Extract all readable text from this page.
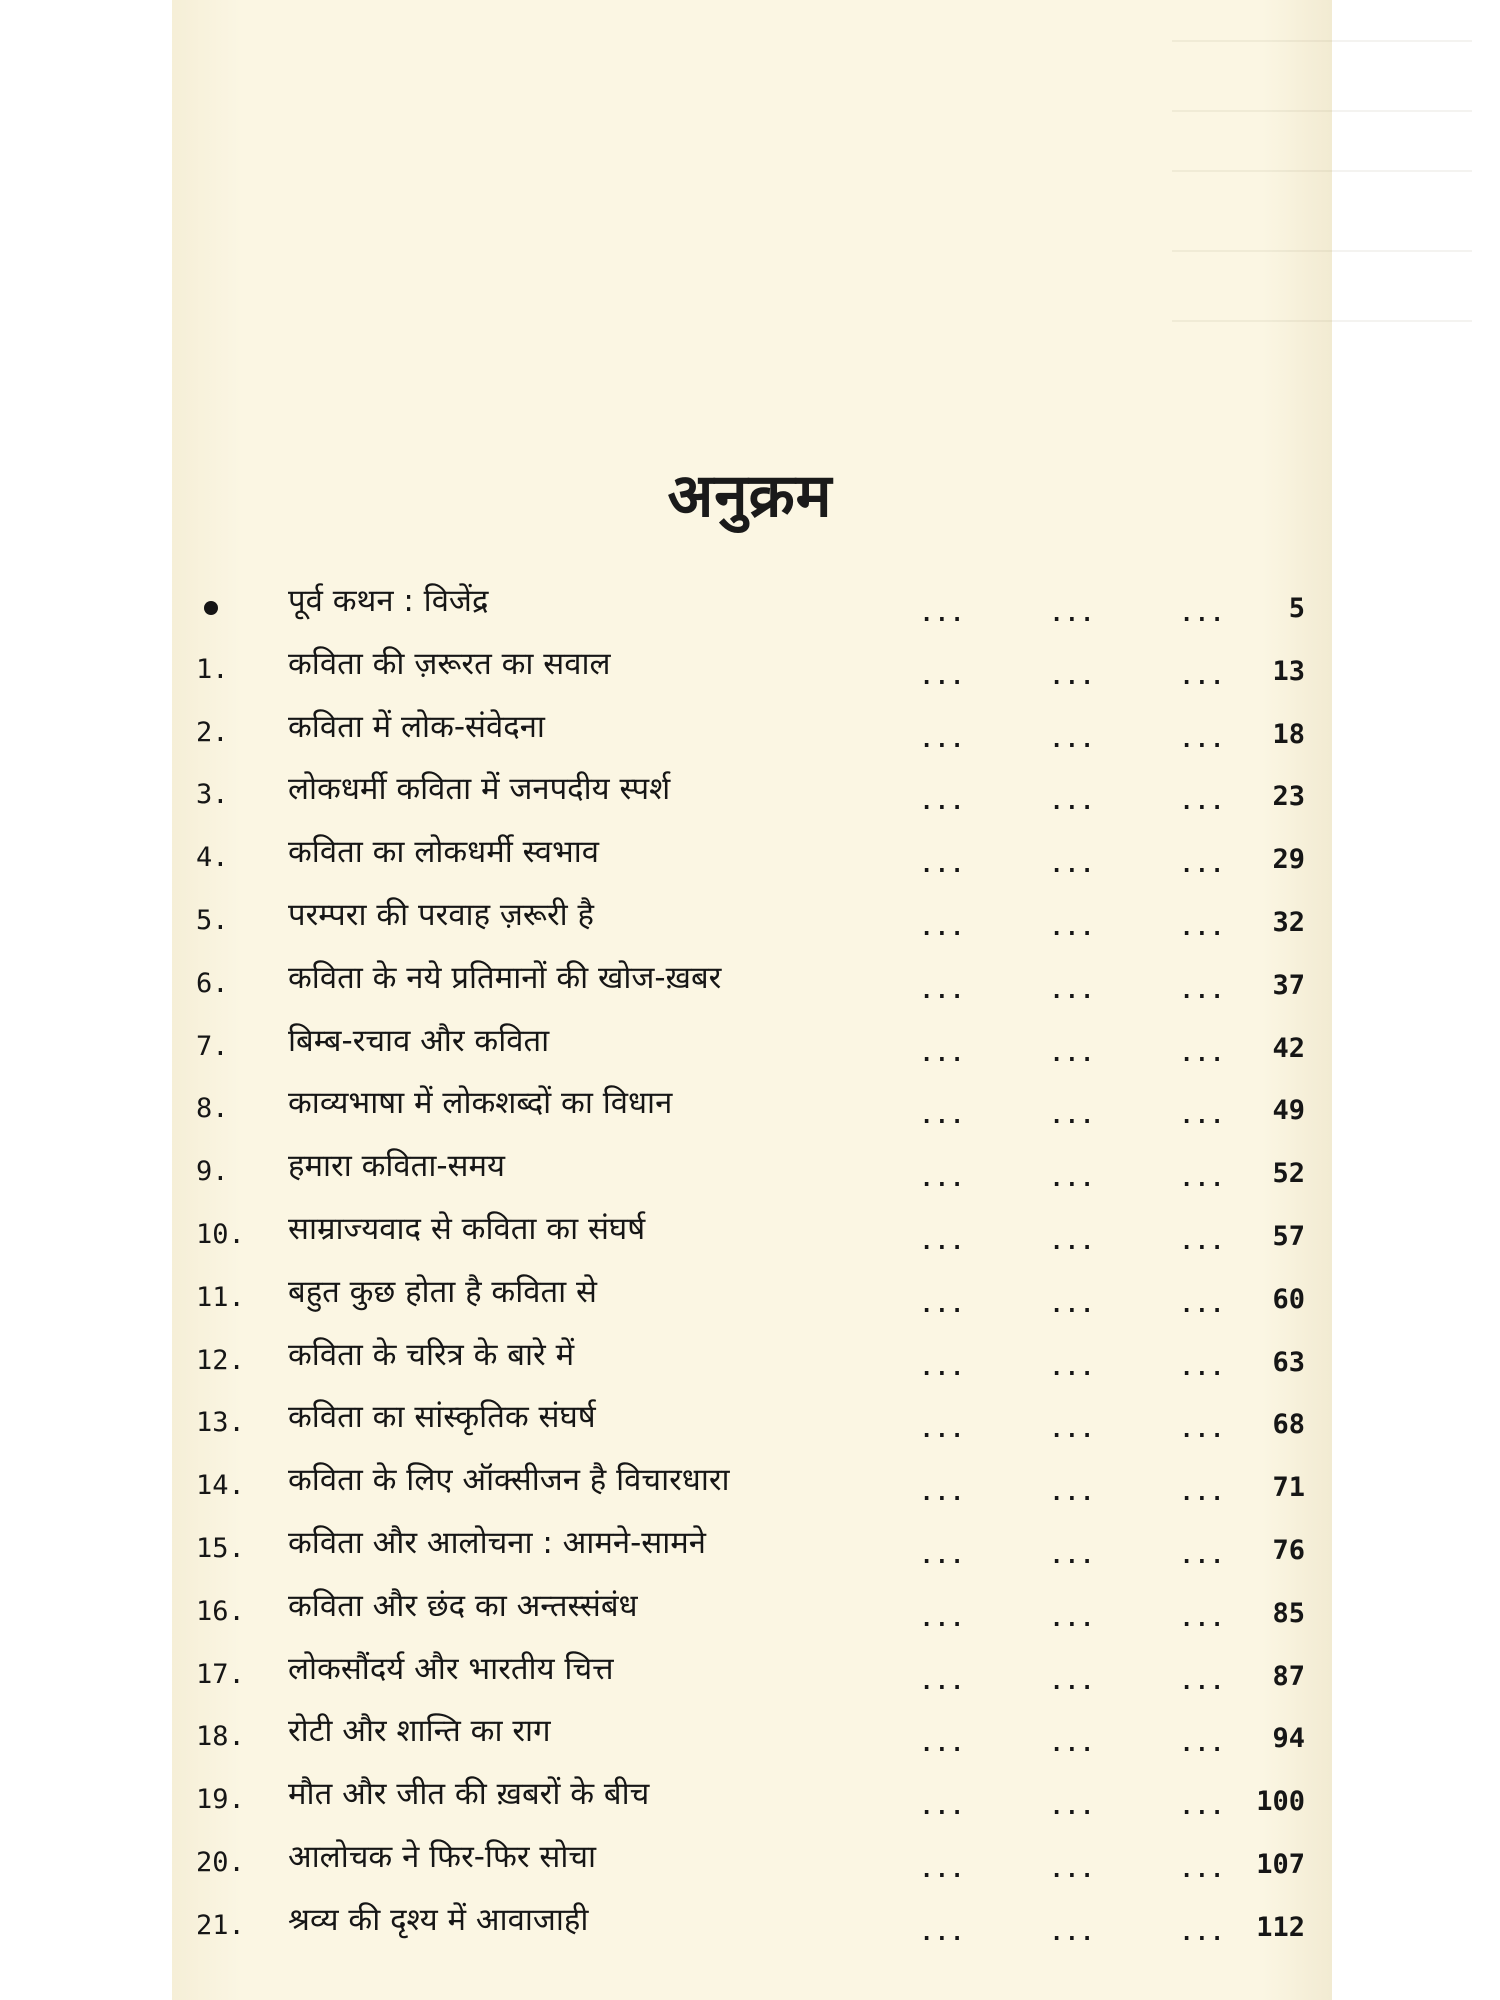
अनुक्रम
पूर्व कथन : विजेंद्र	...	...	... 5
1. कविता की ज़रूरत का सवाल	...	...	... 13
2. कविता में लोक-संवेदना	...	...	... 18
3. लोकधर्मी कविता में जनपदीय स्पर्श	...	...	... 23
4. कविता का लोकधर्मी स्वभाव	...	...	... 29
5. परम्परा की परवाह ज़रूरी है	...	...	... 32
6. कविता के नये प्रतिमानों की खोज-ख़बर	...	...	... 37
7. बिम्ब-रचाव और कविता	...	...	... 42
8. काव्यभाषा में लोकशब्दों का विधान	...	...	... 49
9. हमारा कविता-समय	...	...	... 52
10. साम्राज्यवाद से कविता का संघर्ष	...	...	... 57
11. बहुत कुछ होता है कविता से	...	...	... 60
12. कविता के चरित्र के बारे में	...	...	... 63
13. कविता का सांस्कृतिक संघर्ष	...	...	... 68
14. कविता के लिए ऑक्सीजन है विचारधारा	...	...	... 71
15. कविता और आलोचना : आमने-सामने	...	...	... 76
16. कविता और छंद का अन्तस्संबंध	...	...	... 85
17. लोकसौंदर्य और भारतीय चित्त	...	...	... 87
18. रोटी और शान्ति का राग	...	...	... 94
19. मौत और जीत की ख़बरों के बीच	...	...	... 100
20. आलोचक ने फिर-फिर सोचा	...	...	... 107
21. श्रव्य की दृश्य में आवाजाही	...	...	... 112
